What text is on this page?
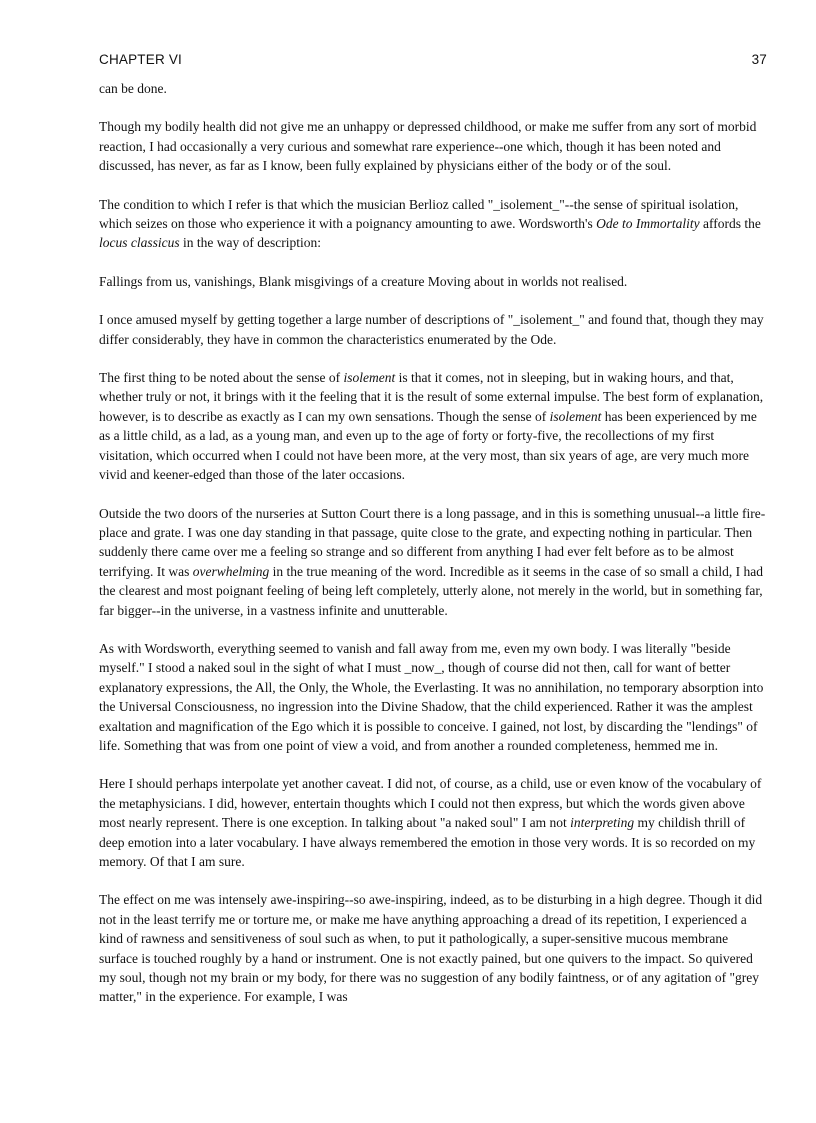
CHAPTER VI	37

can be done.

Though my bodily health did not give me an unhappy or depressed childhood, or make me suffer from any sort of morbid reaction, I had occasionally a very curious and somewhat rare experience--one which, though it has been noted and discussed, has never, as far as I know, been fully explained by physicians either of the body or of the soul.

The condition to which I refer is that which the musician Berlioz called "_isolement_"--the sense of spiritual isolation, which seizes on those who experience it with a poignancy amounting to awe. Wordsworth's Ode to Immortality affords the locus classicus in the way of description:

Fallings from us, vanishings, Blank misgivings of a creature Moving about in worlds not realised.

I once amused myself by getting together a large number of descriptions of "_isolement_" and found that, though they may differ considerably, they have in common the characteristics enumerated by the Ode.

The first thing to be noted about the sense of isolement is that it comes, not in sleeping, but in waking hours, and that, whether truly or not, it brings with it the feeling that it is the result of some external impulse. The best form of explanation, however, is to describe as exactly as I can my own sensations. Though the sense of isolement has been experienced by me as a little child, as a lad, as a young man, and even up to the age of forty or forty-five, the recollections of my first visitation, which occurred when I could not have been more, at the very most, than six years of age, are very much more vivid and keener-edged than those of the later occasions.

Outside the two doors of the nurseries at Sutton Court there is a long passage, and in this is something unusual--a little fire-place and grate. I was one day standing in that passage, quite close to the grate, and expecting nothing in particular. Then suddenly there came over me a feeling so strange and so different from anything I had ever felt before as to be almost terrifying. It was overwhelming in the true meaning of the word. Incredible as it seems in the case of so small a child, I had the clearest and most poignant feeling of being left completely, utterly alone, not merely in the world, but in something far, far bigger--in the universe, in a vastness infinite and unutterable.

As with Wordsworth, everything seemed to vanish and fall away from me, even my own body. I was literally "beside myself." I stood a naked soul in the sight of what I must _now_, though of course did not then, call for want of better explanatory expressions, the All, the Only, the Whole, the Everlasting. It was no annihilation, no temporary absorption into the Universal Consciousness, no ingression into the Divine Shadow, that the child experienced. Rather it was the amplest exaltation and magnification of the Ego which it is possible to conceive. I gained, not lost, by discarding the "lendings" of life. Something that was from one point of view a void, and from another a rounded completeness, hemmed me in.

Here I should perhaps interpolate yet another caveat. I did not, of course, as a child, use or even know of the vocabulary of the metaphysicians. I did, however, entertain thoughts which I could not then express, but which the words given above most nearly represent. There is one exception. In talking about "a naked soul" I am not interpreting my childish thrill of deep emotion into a later vocabulary. I have always remembered the emotion in those very words. It is so recorded on my memory. Of that I am sure.

The effect on me was intensely awe-inspiring--so awe-inspiring, indeed, as to be disturbing in a high degree. Though it did not in the least terrify me or torture me, or make me have anything approaching a dread of its repetition, I experienced a kind of rawness and sensitiveness of soul such as when, to put it pathologically, a super-sensitive mucous membrane surface is touched roughly by a hand or instrument. One is not exactly pained, but one quivers to the impact. So quivered my soul, though not my brain or my body, for there was no suggestion of any bodily faintness, or of any agitation of "grey matter," in the experience. For example, I was
